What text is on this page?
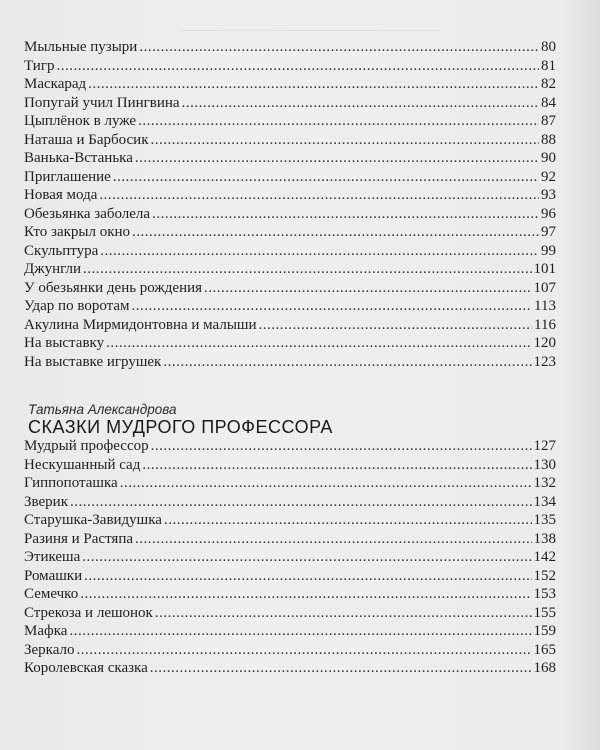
Мыльные пузыри .....	80
Тигр .....	81
Маскарад .....	82
Попугай учил Пингвина .....	84
Цыплёнок в луже .....	87
Наташа и Барбосик .....	88
Ванька-Встанька .....	90
Приглашение .....	92
Новая мода .....	93
Обезьянка заболела .....	96
Кто закрыл окно .....	97
Скульптура .....	99
Джунгли .....	101
У обезьянки день рождения .....	107
Удар по воротам .....	113
Акулина Мирмидонтовна и малыши .....	116
На выставку .....	120
На выставке игрушек .....	123
Татьяна Александрова
СКАЗКИ МУДРОГО ПРОФЕССОРА
Мудрый профессор .....	127
Нескушанный сад .....	130
Гиппопоташка .....	132
Зверик .....	134
Старушка-Завидушка .....	135
Разиня и Растяпа .....	138
Этикеша .....	142
Ромашки .....	152
Семечко .....	153
Стрекоза и лешонок .....	155
Мафка .....	159
Зеркало .....	165
Королевская сказка .....	168
